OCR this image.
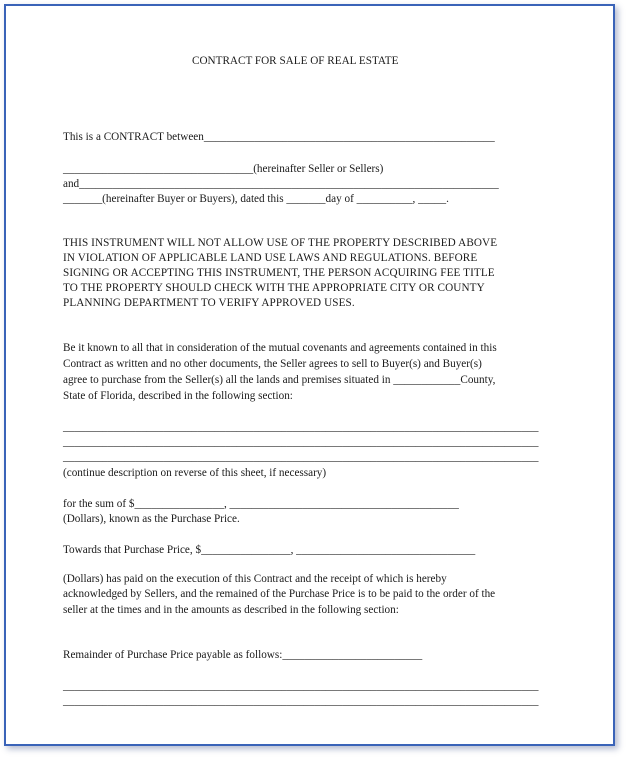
CONTRACT FOR SALE OF REAL ESTATE

This is a CONTRACT between____________________________________________________

__________________________________(hereinafter Seller or Sellers)

and___________________________________________________________________________

_______(hereinafter Buyer or Buyers), dated this _______day of __________, _____.

THIS INSTRUMENT WILL NOT ALLOW USE OF THE PROPERTY DESCRIBED ABOVE

IN VIOLATION OF APPLICABLE LAND USE LAWS AND REGULATIONS. BEFORE

SIGNING OR ACCEPTING THIS INSTRUMENT, THE PERSON ACQUIRING FEE TITLE

TO THE PROPERTY SHOULD CHECK WITH THE APPROPRIATE CITY OR COUNTY

PLANNING DEPARTMENT TO VERIFY APPROVED USES.

Be it known to all that in consideration of the mutual covenants and agreements contained in this

Contract as written and no other documents, the Seller agrees to sell to Buyer(s) and Buyer(s)

agree to purchase from the Seller(s) all the lands and premises situated in ____________County,

State of Florida, described in the following section:

_____________________________________________________________________________________

_____________________________________________________________________________________

_____________________________________________________________________________________

(continue description on reverse of this sheet, if necessary)

for the sum of $________________, _________________________________________

(Dollars), known as the Purchase Price.

Towards that Purchase Price, $________________, ________________________________

(Dollars) has paid on the execution of this Contract and the receipt of which is hereby

acknowledged by Sellers, and the remained of the Purchase Price is to be paid to the order of the

seller at the times and in the amounts as described in the following section:

Remainder of Purchase Price payable as follows:_________________________

_____________________________________________________________________________________

_____________________________________________________________________________________
